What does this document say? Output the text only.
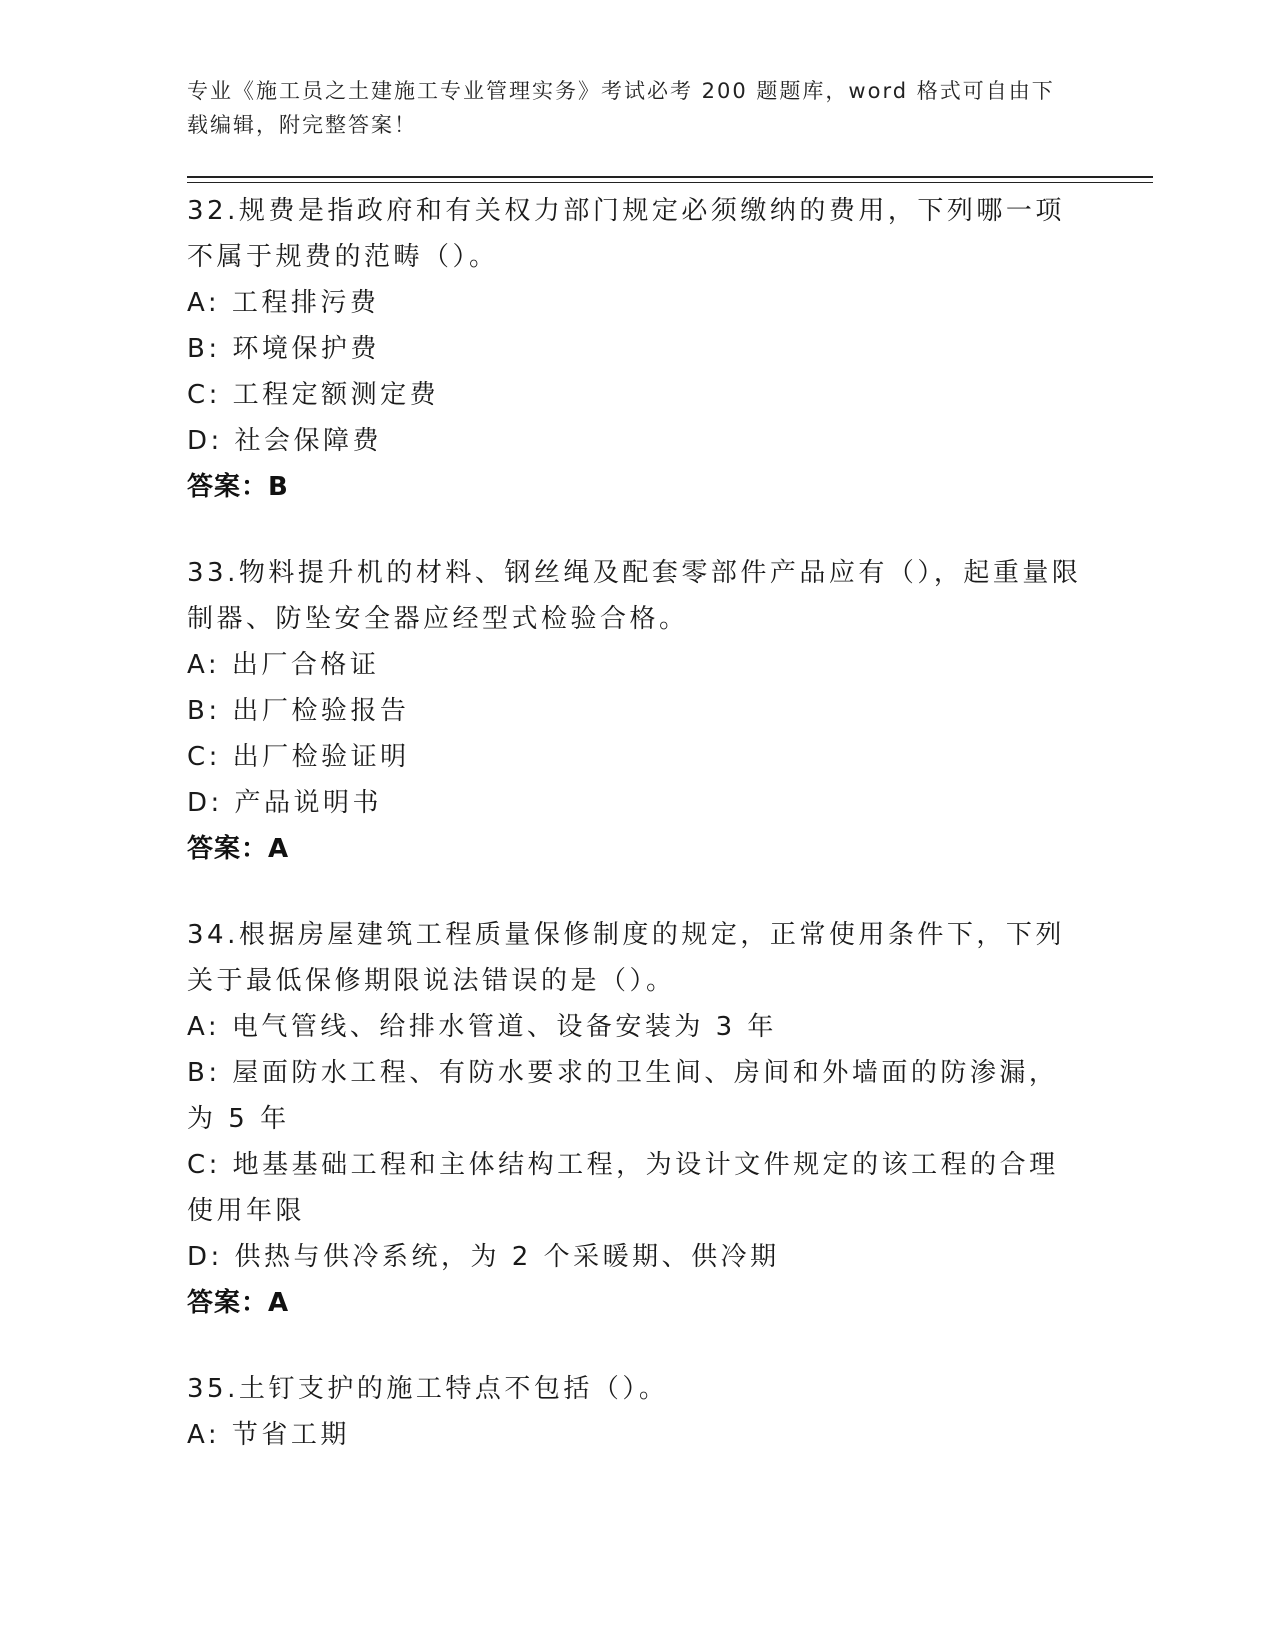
专业《施工员之土建施工专业管理实务》考试必考 200 题题库，word 格式可自由下载编辑，附完整答案！
32.规费是指政府和有关权力部门规定必须缴纳的费用，下列哪一项不属于规费的范畴（）。
A: 工程排污费
B: 环境保护费
C: 工程定额测定费
D: 社会保障费
答案：B
33.物料提升机的材料、钢丝绳及配套零部件产品应有（），起重量限制器、防坠安全器应经型式检验合格。
A: 出厂合格证
B: 出厂检验报告
C: 出厂检验证明
D: 产品说明书
答案：A
34.根据房屋建筑工程质量保修制度的规定，正常使用条件下，下列关于最低保修期限说法错误的是（）。
A: 电气管线、给排水管道、设备安装为 3 年
B: 屋面防水工程、有防水要求的卫生间、房间和外墙面的防渗漏，为 5 年
C: 地基基础工程和主体结构工程，为设计文件规定的该工程的合理使用年限
D: 供热与供冷系统，为 2 个采暖期、供冷期
答案：A
35.土钉支护的施工特点不包括（）。
A: 节省工期
